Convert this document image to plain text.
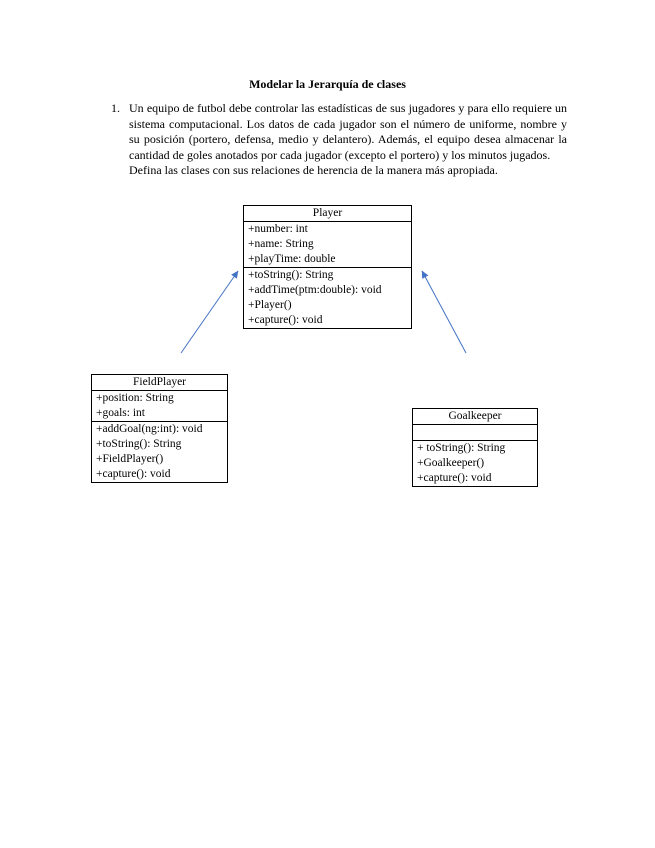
Modelar la Jerarquía de clases
1. Un equipo de futbol debe controlar las estadísticas de sus jugadores y para ello requiere un sistema computacional. Los datos de cada jugador son el número de uniforme, nombre y su posición (portero, defensa, medio y delantero). Además, el equipo desea almacenar la cantidad de goles anotados por cada jugador (excepto el portero) y los minutos jugados.
Defina las clases con sus relaciones de herencia de la manera más apropiada.
Player
+number: int
+name: String
+playTime: double
+toString(): String
+addTime(ptm:double): void
+Player()
+capture(): void
FieldPlayer
+position: String
+goals: int
+addGoal(ng:int): void
+toString(): String
+FieldPlayer()
+capture(): void
Goalkeeper
+ toString(): String
+Goalkeeper()
+capture(): void
